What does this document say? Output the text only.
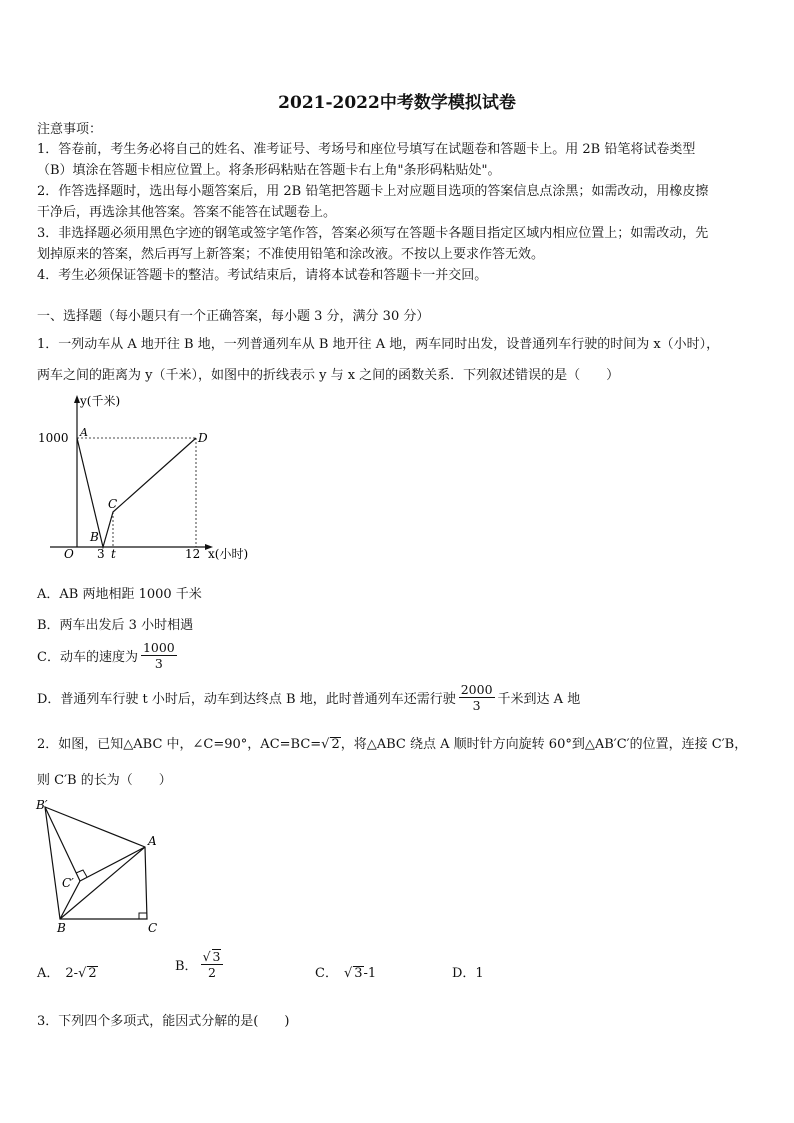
2021-2022中考数学模拟试卷
注意事项：
1．答卷前，考生务必将自己的姓名、准考证号、考场号和座位号填写在试题卷和答题卡上。用 2B 铅笔将试卷类型
（B）填涂在答题卡相应位置上。将条形码粘贴在答题卡右上角"条形码粘贴处"。
2．作答选择题时，选出每小题答案后，用 2B 铅笔把答题卡上对应题目选项的答案信息点涂黑；如需改动，用橡皮擦
干净后，再选涂其他答案。答案不能答在试题卷上。
3．非选择题必须用黑色字迹的钢笔或签字笔作答，答案必须写在答题卡各题目指定区域内相应位置上；如需改动，先
划掉原来的答案，然后再写上新答案；不准使用铅笔和涂改液。不按以上要求作答无效。
4．考生必须保证答题卡的整洁。考试结束后，请将本试卷和答题卡一并交回。
一、选择题（每小题只有一个正确答案，每小题 3 分，满分 30 分）
1．一列动车从 A 地开往 B 地，一列普通列车从 B 地开往 A 地，两车同时出发，设普通列车行驶的时间为 x（小时），
两车之间的距离为 y（千米），如图中的折线表示 y 与 x 之间的函数关系．下列叙述错误的是（　　）
y(千米)
1000 A	D
C
B
O 3 t	12 x(小时)
A．AB 两地相距 1000 千米
B．两车出发后 3 小时相遇
C．动车的速度为 $\frac{1000}{3}$
D．普通列车行驶 t 小时后，动车到达终点 B 地，此时普通列车还需行驶 $\frac{2000}{3}$ 千米到达 A 地
2．如图，已知△ABC 中，∠C=90°，AC=BC=√ 2，将△ABC 绕点 A 顺时针方向旋转 60°到△AB′C′的位置，连接 C′B，
则 C′B 的长为（　　）
B′
A
C′
B	C
A． 2-√ 2	B． $\frac{√ 3}{2}$	C． √ 3-1	D．1
3．下列四个多项式，能因式分解的是(　　)
